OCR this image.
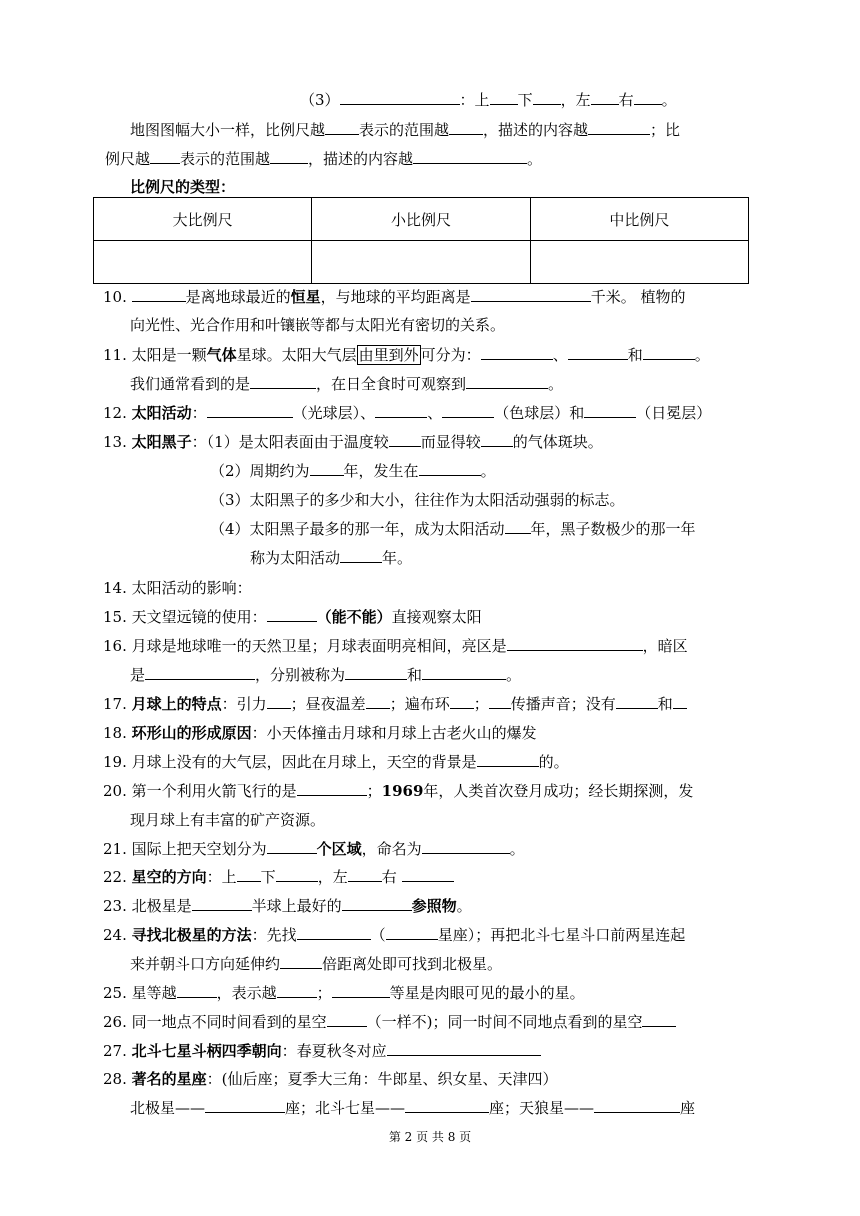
（3）	：上 下 ，左 右 。
地图图幅大小一样，比例尺越 表示的范围越 ，描述的内容越	；比
例尺越 表示的范围越	，描述的内容越	。
比例尺的类型：
大比例尺	小比例尺	中比例尺

10.	是离地球最近的恒星，与地球的平均距离是	千米。 植物的
向光性、光合作用和叶镶嵌等都与太阳光有密切的关系。
11. 太阳是一颗气体星球。太阳大气层 由里到外 可分为：	、	和	。
我们通常看到的是	，在日全食时可观察到	。
12. 太阳活动：	（光球层）、	、	（色球层）和	（日冕层）
13. 太阳黑子：（1）是太阳表面由于温度较 而显得较 的气体斑块。
（2）周期约为 年，发生在	。
（3）太阳黑子的多少和大小，往往作为太阳活动强弱的标志。
（4）太阳黑子最多的那一年，成为太阳活动 年，黑子数极少的那一年
称为太阳活动	年。
14. 太阳活动的影响：
15. 天文望远镜的使用：	（能不能）直接观察太阳
16. 月球是地球唯一的天然卫星；月球表面明亮相间，亮区是	，暗区
是	，分别被称为	和	。
17. 月球上的特点：引力 ；昼夜温差 ；遍布环 ； 传播声音；没有	和
18. 环形山的形成原因：小天体撞击月球和月球上古老火山的爆发
19. 月球上没有的大气层，因此在月球上，天空的背景是	的。
20. 第一个利用火箭飞行的是	；1969年，人类首次登月成功；经长期探测，发
现月球上有丰富的矿产资源。
21. 国际上把天空划分为	个区域，命名为	。
22. 星空的方向：上 下	，左 右
23. 北极星是	半球上最好的	参照物。
24. 寻找北极星的方法：先找	（	星座）；再把北斗七星斗口前两星连起
来并朝斗口方向延伸约	倍距离处即可找到北极星。
25. 星等越	，表示越	；	等星是肉眼可见的最小的星。
26. 同一地点不同时间看到的星空	（一样不)；同一时间不同地点看到的星空
27. 北斗七星斗柄四季朝向：春夏秋冬对应
28. 著名的星座：(仙后座；夏季大三角：牛郎星、织女星、天津四）
北极星——	座；北斗七星——	座；天狼星——	座
第 2 页 共 8 页
